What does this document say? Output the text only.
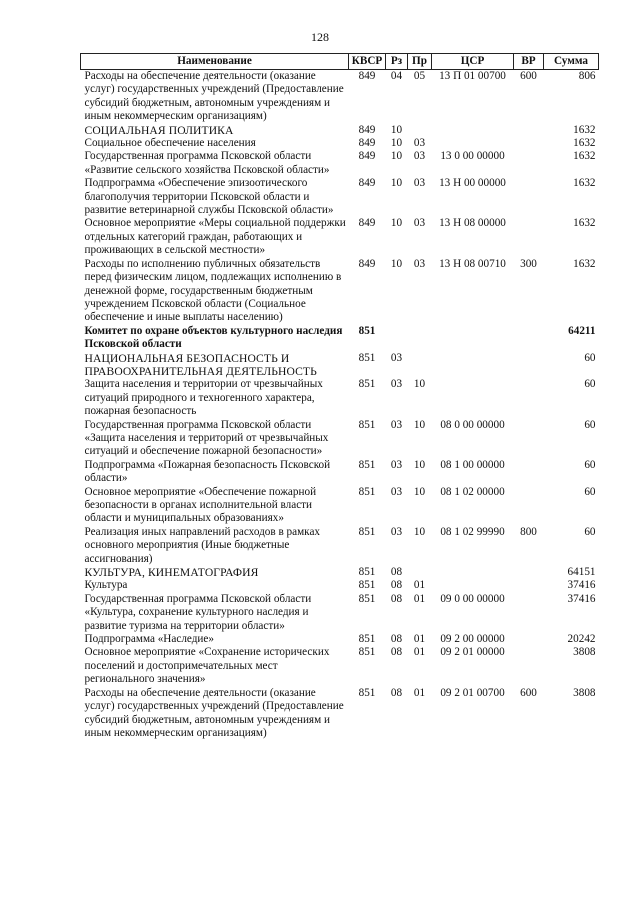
128
Наименование	КВСР	Рз	Пр	ЦСР	ВР	Сумма
Расходы на обеспечение деятельности (оказание услуг) государственных учреждений (Предоставление субсидий бюджетным, автономным учреждениям и иным некоммерческим организациям)	849	04	05	13 П 01 00700	600	806
СОЦИАЛЬНАЯ ПОЛИТИКА	849	10				1632
Социальное обеспечение населения	849	10	03			1632
Государственная программа Псковской области «Развитие сельского хозяйства Псковской области»	849	10	03	13 0 00 00000		1632
Подпрограмма «Обеспечение эпизоотического благополучия территории Псковской области и развитие ветеринарной службы Псковской области»	849	10	03	13 Н 00 00000		1632
Основное мероприятие «Меры социальной поддержки отдельных категорий граждан, работающих и проживающих в сельской местности»	849	10	03	13 Н 08 00000		1632
Расходы по исполнению публичных обязательств перед физическим лицом, подлежащих исполнению в денежной форме, государственным бюджетным учреждением Псковской области (Социальное обеспечение и иные выплаты населению)	849	10	03	13 Н 08 00710	300	1632
Комитет по охране объектов культурного наследия Псковской области	851					64211
НАЦИОНАЛЬНАЯ БЕЗОПАСНОСТЬ И ПРАВООХРАНИТЕЛЬНАЯ ДЕЯТЕЛЬНОСТЬ	851	03				60
Защита населения и территории от чрезвычайных ситуаций природного и техногенного характера, пожарная безопасность	851	03	10			60
Государственная программа Псковской области «Защита населения и территорий от чрезвычайных ситуаций и обеспечение пожарной безопасности»	851	03	10	08 0 00 00000		60
Подпрограмма «Пожарная безопасность Псковской области»	851	03	10	08 1 00 00000		60
Основное мероприятие «Обеспечение пожарной безопасности в органах исполнительной власти области и муниципальных образованиях»	851	03	10	08 1 02 00000		60
Реализация иных направлений расходов в рамках основного мероприятия (Иные бюджетные ассигнования)	851	03	10	08 1 02 99990	800	60
КУЛЬТУРА, КИНЕМАТОГРАФИЯ	851	08				64151
Культура	851	08	01			37416
Государственная программа Псковской области «Культура, сохранение культурного наследия и развитие туризма на территории области»	851	08	01	09 0 00 00000		37416
Подпрограмма «Наследие»	851	08	01	09 2 00 00000		20242
Основное мероприятие «Сохранение исторических поселений и достопримечательных мест регионального значения»	851	08	01	09 2 01 00000		3808
Расходы на обеспечение деятельности (оказание услуг) государственных учреждений (Предоставление субсидий бюджетным, автономным учреждениям и иным некоммерческим организациям)	851	08	01	09 2 01 00700	600	3808
